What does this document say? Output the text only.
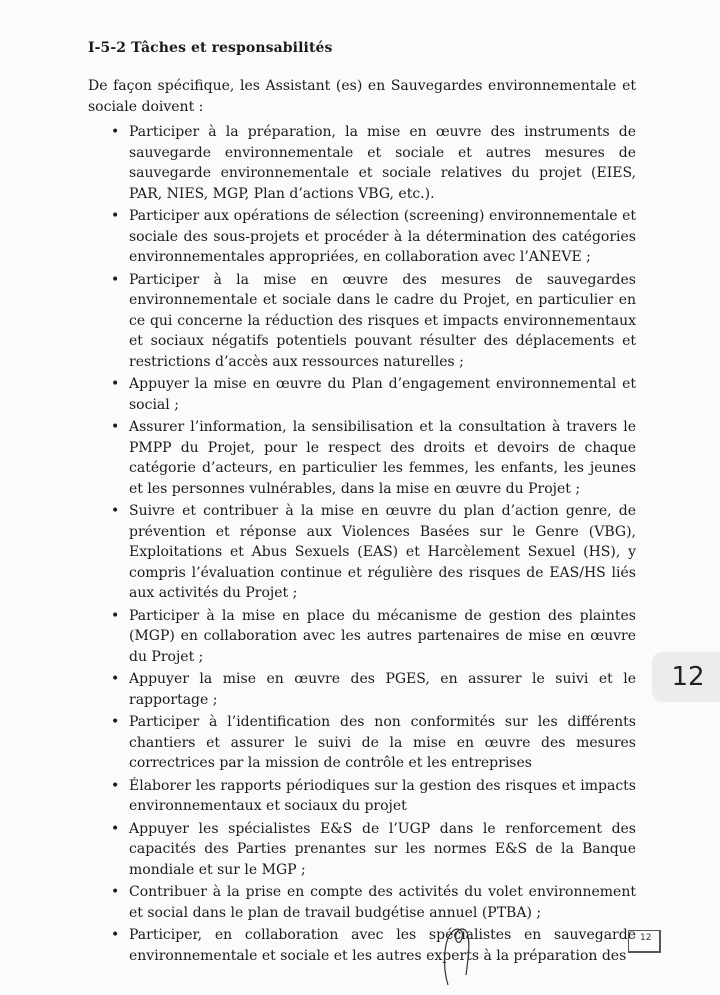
I-5-2 Tâches et responsabilités

De façon spécifique, les Assistant (es) en Sauvegardes environnementale et sociale doivent :

• Participer à la préparation, la mise en œuvre des instruments de sauvegarde environnementale et sociale et autres mesures de sauvegarde environnementale et sociale relatives du projet (EIES, PAR, NIES, MGP, Plan d’actions VBG, etc.).
• Participer aux opérations de sélection (screening) environnementale et sociale des sous-projets et procéder à la détermination des catégories environnementales appropriées, en collaboration avec l’ANEVE ;
• Participer à la mise en œuvre des mesures de sauvegardes environnementale et sociale dans le cadre du Projet, en particulier en ce qui concerne la réduction des risques et impacts environnementaux et sociaux négatifs potentiels pouvant résulter des déplacements et restrictions d’accès aux ressources naturelles ;
• Appuyer la mise en œuvre du Plan d’engagement environnemental et social ;
• Assurer l’information, la sensibilisation et la consultation à travers le PMPP du Projet, pour le respect des droits et devoirs de chaque catégorie d’acteurs, en particulier les femmes, les enfants, les jeunes et les personnes vulnérables, dans la mise en œuvre du Projet ;
• Suivre et contribuer à la mise en œuvre du plan d’action genre, de prévention et réponse aux Violences Basées sur le Genre (VBG), Exploitations et Abus Sexuels (EAS) et Harcèlement Sexuel (HS), y compris l’évaluation continue et régulière des risques de EAS/HS liés aux activités du Projet ;
• Participer à la mise en place du mécanisme de gestion des plaintes (MGP) en collaboration avec les autres partenaires de mise en œuvre du Projet ;
• Appuyer la mise en œuvre des PGES, en assurer le suivi et le rapportage ;
• Participer à l’identification des non conformités sur les différents chantiers et assurer le suivi de la mise en œuvre des mesures correctrices par la mission de contrôle et les entreprises
• Élaborer les rapports périodiques sur la gestion des risques et impacts environnementaux et sociaux du projet
• Appuyer les spécialistes E&S de l’UGP dans le renforcement des capacités des Parties prenantes sur les normes E&S de la Banque mondiale et sur le MGP ;
• Contribuer à la prise en compte des activités du volet environnement et social dans le plan de travail budgétise annuel (PTBA) ;
• Participer, en collaboration avec les spécialistes en sauvegarde environnementale et sociale et les autres experts à la préparation des
12
12
